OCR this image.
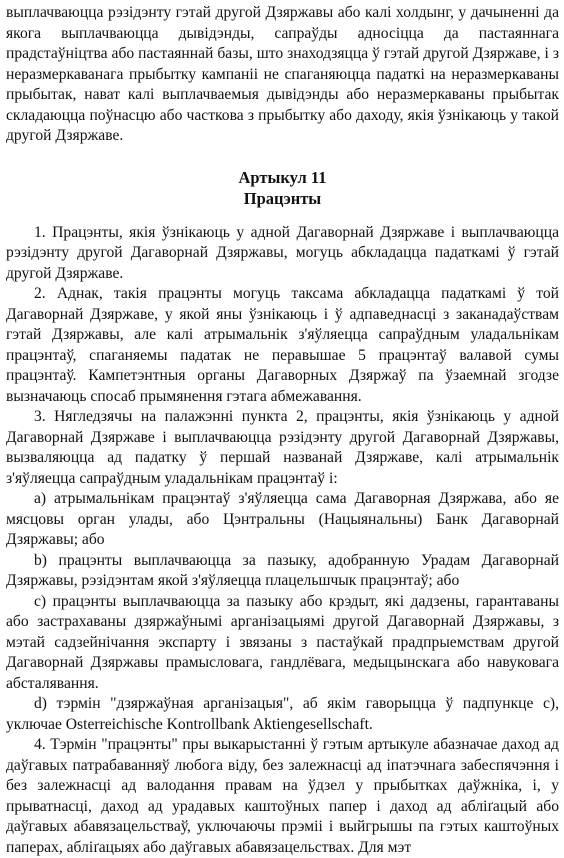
выплачваюцца рэзідэнту гэтай другой Дзяржавы або калі холдынг, у дачыненні да якога выплачваюцца дывідэнды, сапраўды адносіцца да пастаяннага прадстаўніцтва або пастаяннай базы, што знаходзяцца ў гэтай другой Дзяржаве, і з неразмеркаванага прыбытку кампаніі не спаганяюцца падаткі на неразмеркаваны прыбытак, нават калі выплачваемыя дывідэнды або неразмеркаваны прыбытак складаюцца поўнасцю або часткова з прыбытку або даходу, якія ўзнікаюць у такой другой Дзяржаве.

Артыкул 11

Працэнты

1. Працэнты, якія ўзнікаюць у адной Дагаворнай Дзяржаве і выплачваюцца рэзідэнту другой Дагаворнай Дзяржавы, могуць абкладацца падаткамі ў гэтай другой Дзяржаве.

2. Аднак, такія працэнты могуць таксама абкладацца падаткамі ў той Дагаворнай Дзяржаве, у якой яны ўзнікаюць і ў адпаведнасці з заканадаўствам гэтай Дзяржавы, але калі атрымальнік з'яўляецца сапраўдным уладальнікам працэнтаў, спаганяемы падатак не перавышае 5 працэнтаў валавой сумы працэнтаў. Кампетэнтныя органы Дагаворных Дзяржаў па ўзаемнай згодзе вызначаюць спосаб прымянення гэтага абмежавання.

3. Нягледзячы на палажэнні пункта 2, працэнты, якія ўзнікаюць у адной Дагаворнай Дзяржаве і выплачваюцца рэзідэнту другой Дагаворнай Дзяржавы, вызваляюцца ад падатку ў першай названай Дзяржаве, калі атрымальнік з'яўляецца сапраўдным уладальнікам працэнтаў і:

a) атрымальнікам працэнтаў з'яўляецца сама Дагаворная Дзяржава, або яе мясцовы орган улады, або Цэнтральны (Нацыянальны) Банк Дагаворнай Дзяржавы; або

b) працэнты выплачваюцца за пазыку, адобранную Урадам Дагаворнай Дзяржавы, рэзідэнтам якой з'яўляецца плацельшчык працэнтаў; або

c) працэнты выплачваюцца за пазыку або крэдыт, які дадзены, гарантаваны або застрахаваны дзяржаўнымі арганізацыямі другой Дагаворнай Дзяржавы, з мэтай садзейнічання экспарту і звязаны з пастаўкай прадпрыемствам другой Дагаворнай Дзяржавы прамысловага, гандлёвага, медыцынскага або навуковага абсталявання.

d) тэрмін "дзяржаўная арганізацыя", аб якім гаворыцца ў падпункце c), уключае Osterreichische Kontrollbank Aktiengesellschaft.

4. Тэрмін "працэнты" пры выкарыстанні ў гэтым артыкуле абазначае даход ад даўгавых патрабаванняў любога віду, без залежнасці ад іпатэчнага забеспячэння і без залежнасці ад валодання правам на ўдзел у прыбытках даўжніка, і, у прыватнасці, даход ад урадавых каштоўных папер і даход ад абліґацый або даўгавых абавязацельстваў, уключаючы прэміі і выйгрышы па гэтых каштоўных паперах, абліґацыях або даўгавых абавязацельствах. Для мэт
